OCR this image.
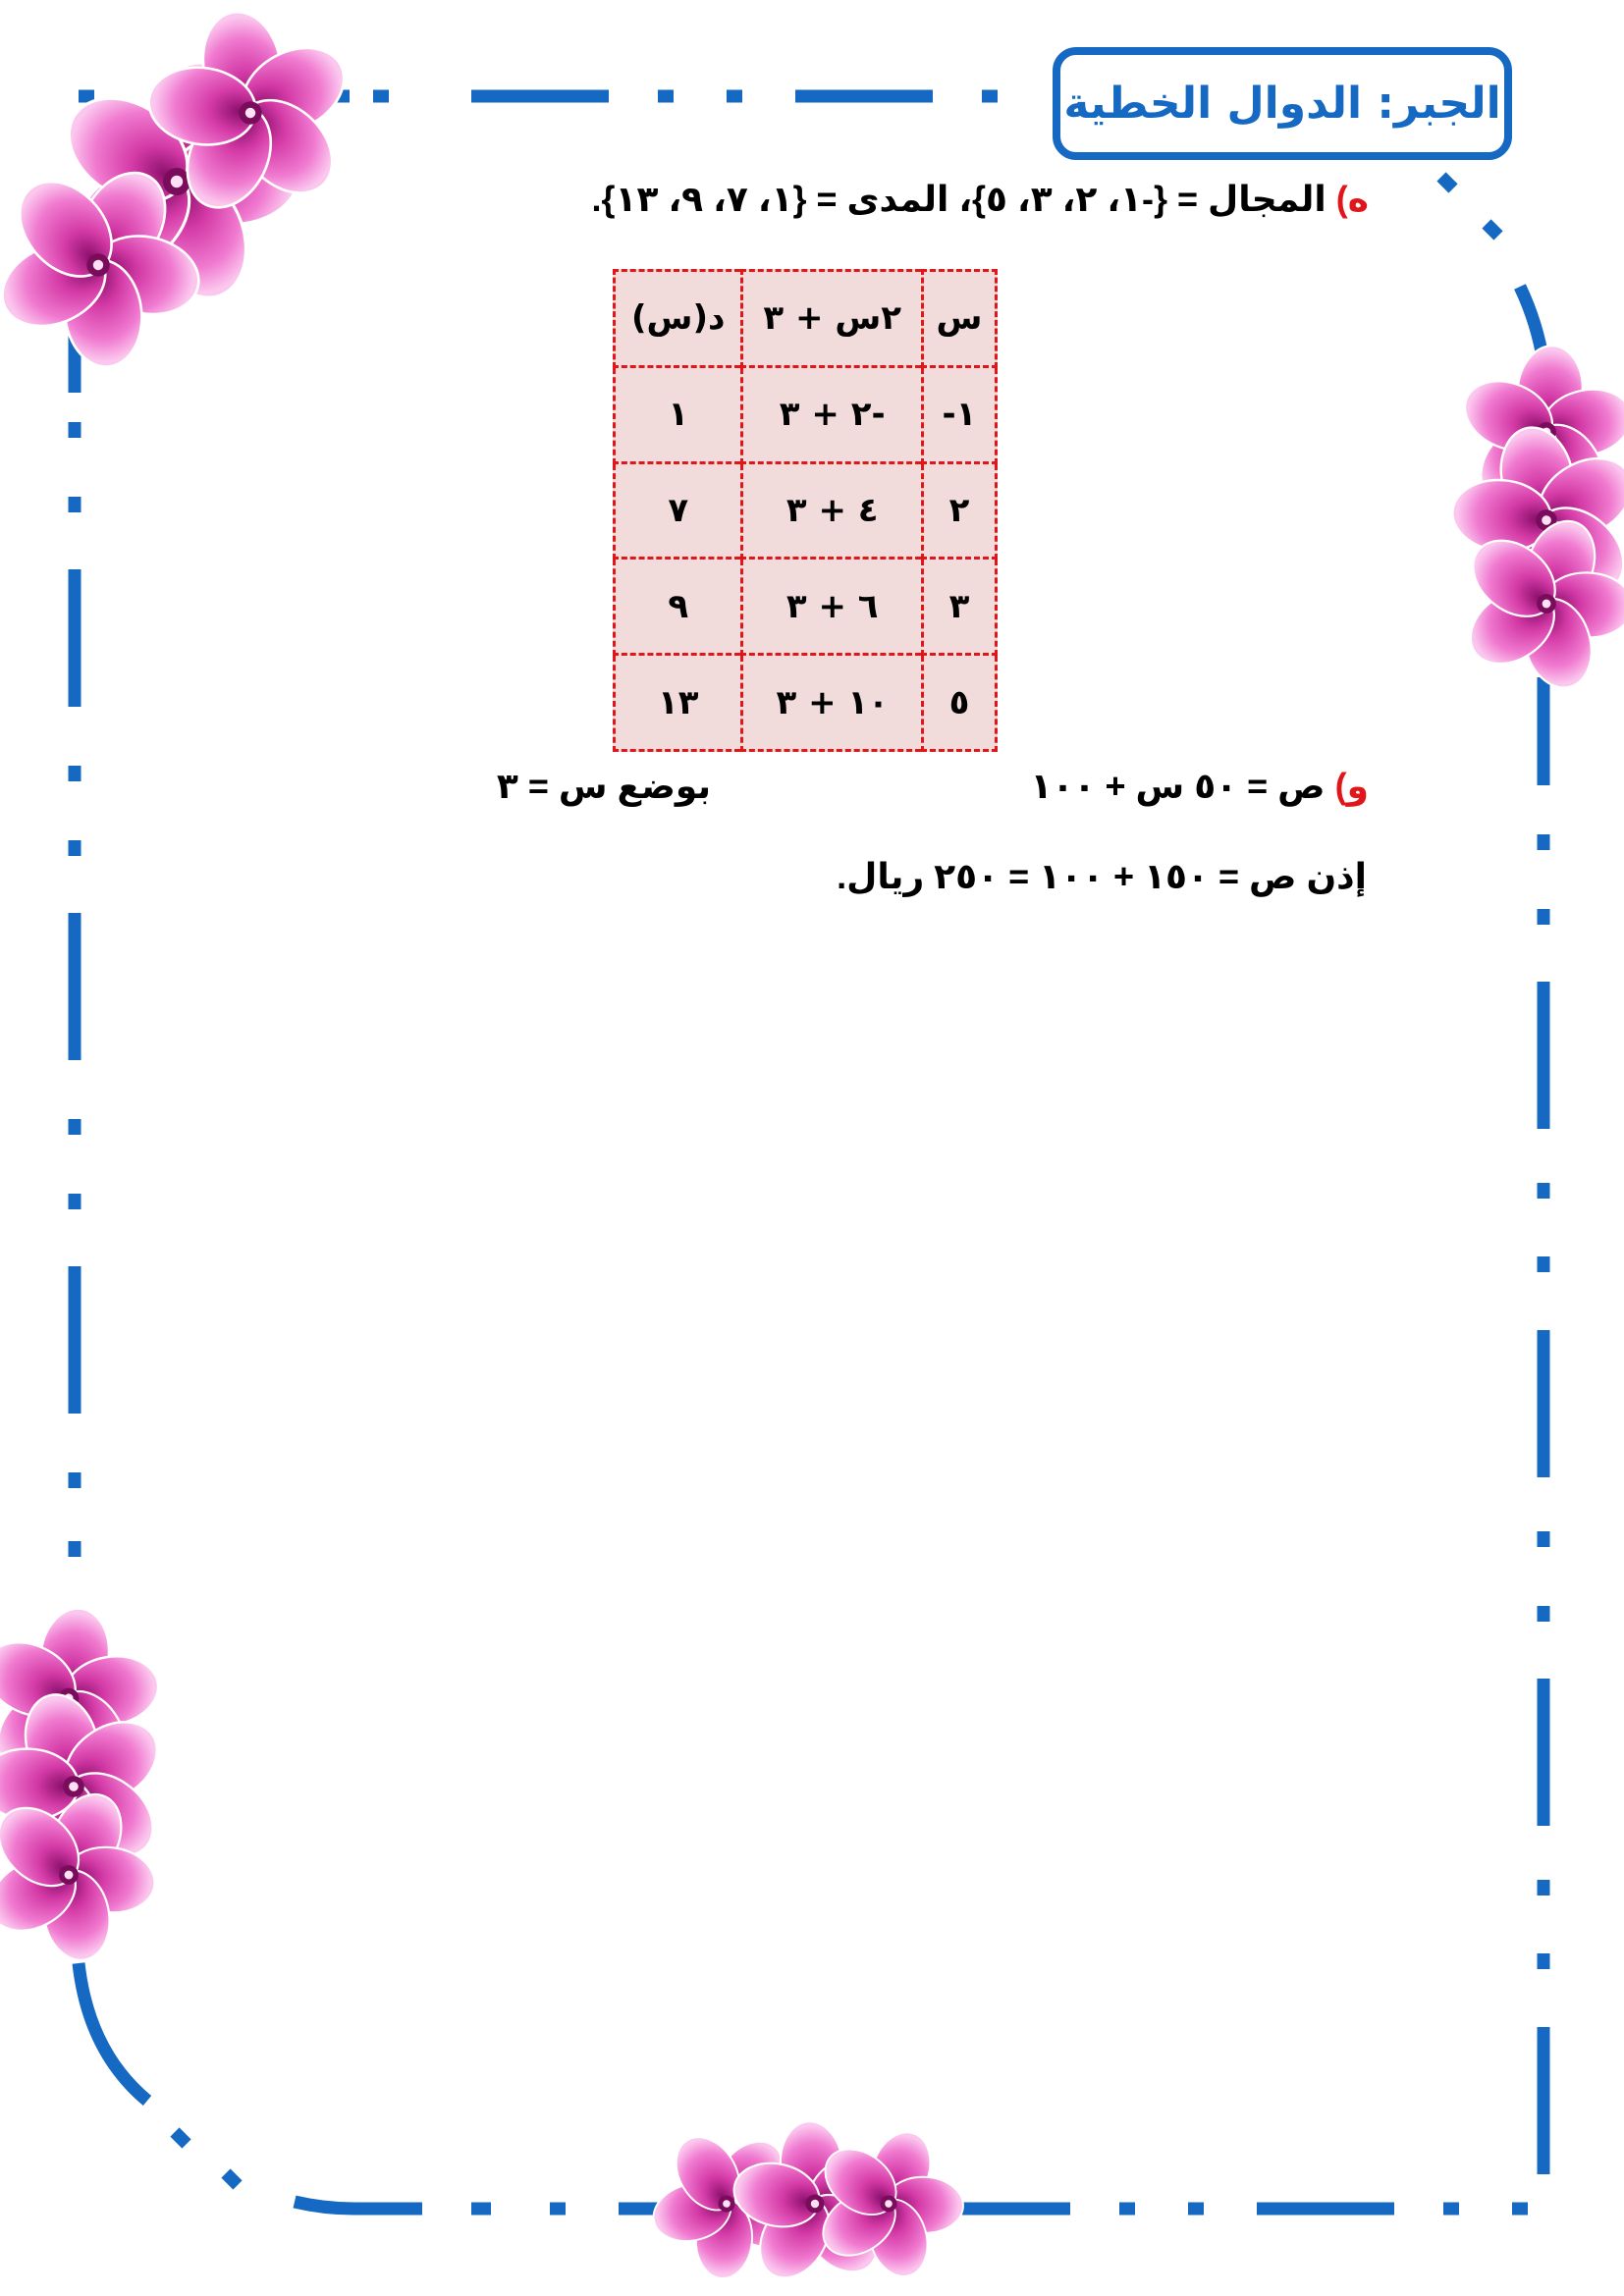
الجبر: الدوال الخطية
ه) المجال = {-١، ٢، ٣، ٥}، المدى = {١، ٧، ٩، ١٣}.
س	٢س + ٣	د(س)
١-	-٢ + ٣	١
٢	٤ + ٣	٧
٣	٦ + ٣	٩
٥	١٠ + ٣	١٣
و) ص = ٥٠ س + ١٠٠
بوضع س = ٣
إذن ص = ١٥٠ + ١٠٠ = ٢٥٠ ريال.
